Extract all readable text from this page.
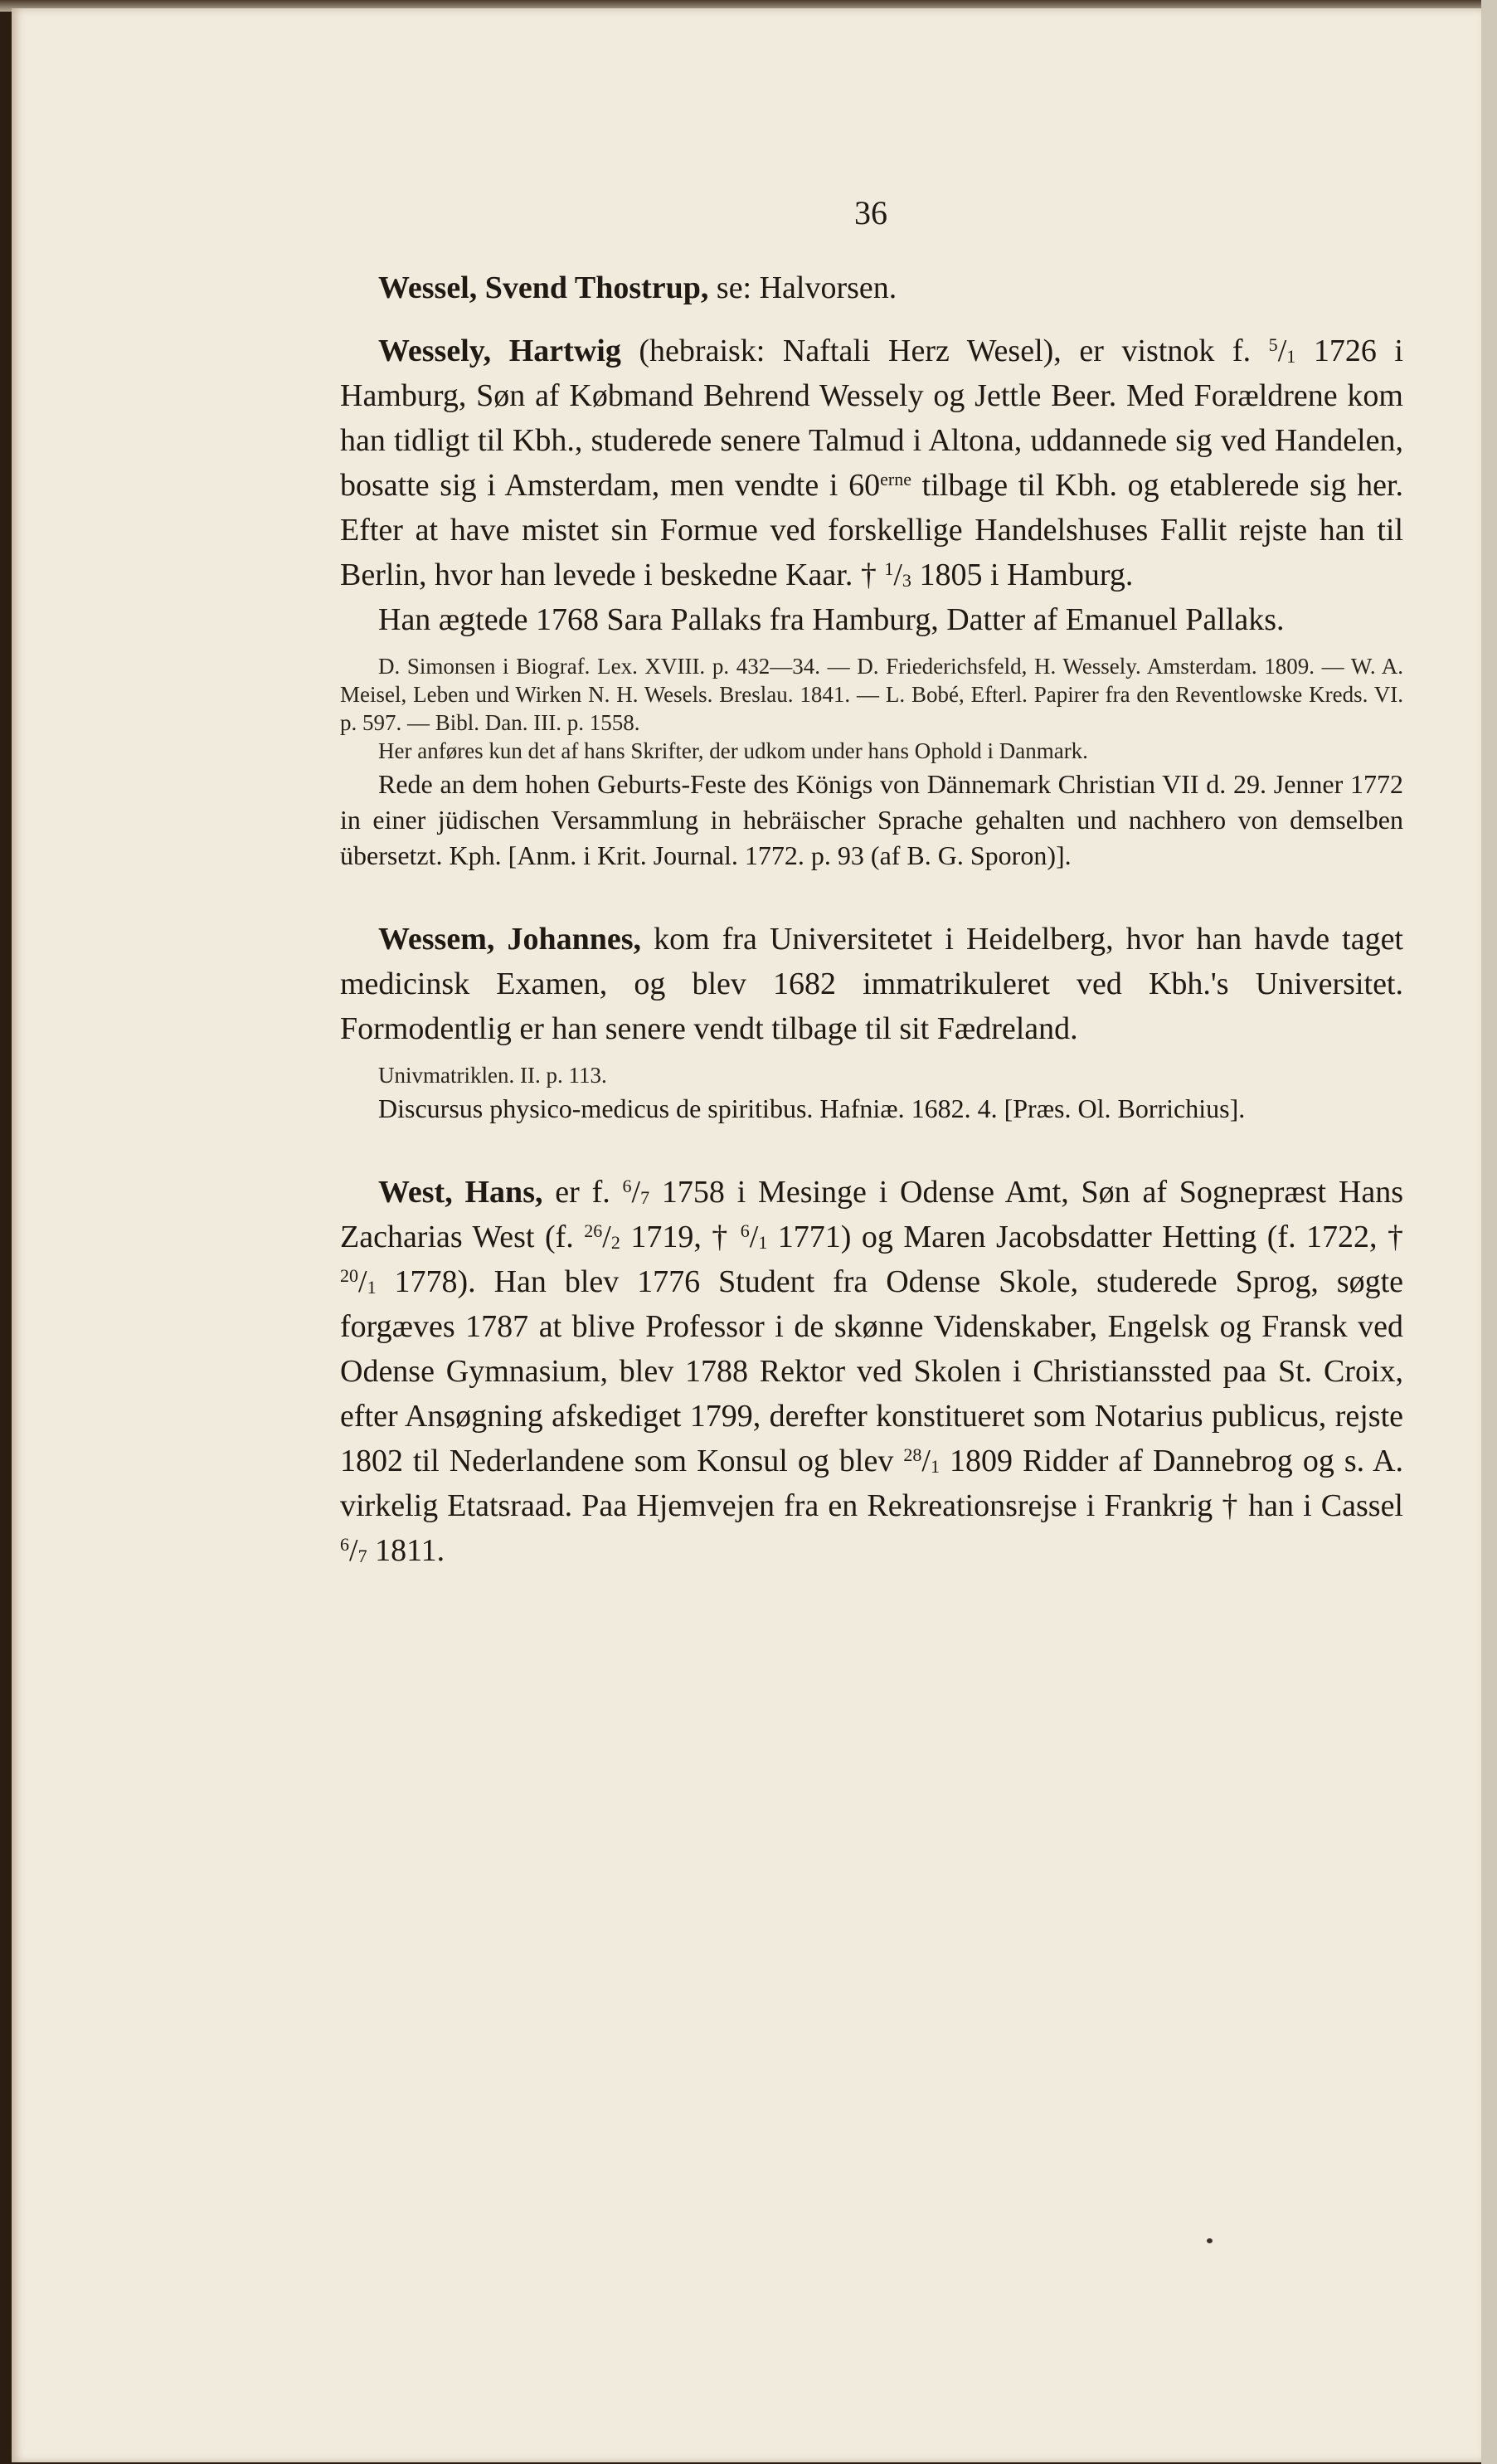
36

Wessel, Svend Thostrup, se: Halvorsen.

Wessely, Hartwig (hebraisk: Naftali Herz Wesel), er vistnok f. $^5/_1$ 1726 i Hamburg, Søn af Købmand Behrend Wessely og Jettle Beer. Med Forældrene kom han tidligt til Kbh., studerede senere Talmud i Altona, uddannede sig ved Handelen, bosatte sig i Amsterdam, men vendte i $60^{erne}$ tilbage til Kbh. og etablerede sig her. Efter at have mistet sin Formue ved forskellige Handelshuses Fallit rejste han til Berlin, hvor han levede i beskedne Kaar. † $^1/_3$ 1805 i Hamburg.

Han ægtede 1768 Sara Pallaks fra Hamburg, Datter af Emanuel Pallaks.

D. Simonsen i Biograf. Lex. XVIII. p. 432—34. — D. Friederichsfeld, H. Wessely. Amsterdam. 1809. — W. A. Meisel, Leben und Wirken N. H. Wesels. Breslau. 1841. — L. Bobé, Efterl. Papirer fra den Reventlowske Kreds. VI. p. 597. — Bibl. Dan. III. p. 1558.

Her anføres kun det af hans Skrifter, der udkom under hans Ophold i Danmark.

Rede an dem hohen Geburts-Feste des Königs von Dännemark Christian VII d. 29. Jenner 1772 in einer jüdischen Versammlung in hebräischer Sprache gehalten und nachhero von demselben übersetzt. Kph. [Anm. i Krit. Journal. 1772. p. 93 (af B. G. Sporon)].

Wessem, Johannes, kom fra Universitetet i Heidelberg, hvor han havde taget medicinsk Examen, og blev 1682 immatrikuleret ved Kbh.'s Universitet. Formodentlig er han senere vendt tilbage til sit Fædreland.

Univmatriklen. II. p. 113.

Discursus physico-medicus de spiritibus. Hafniæ. 1682. 4. [Præs. Ol. Borrichius].

West, Hans, er f. $^6/_7$ 1758 i Mesinge i Odense Amt, Søn af Sognepræst Hans Zacharias West (f. $^{26}/_2$ 1719, † $^6/_1$ 1771) og Maren Jacobsdatter Hetting (f. 1722, † $^{20}/_1$ 1778). Han blev 1776 Student fra Odense Skole, studerede Sprog, søgte forgæves 1787 at blive Professor i de skønne Videnskaber, Engelsk og Fransk ved Odense Gymnasium, blev 1788 Rektor ved Skolen i Christianssted paa St. Croix, efter Ansøgning afskediget 1799, derefter konstitueret som Notarius publicus, rejste 1802 til Nederlandene som Konsul og blev $^{28}/_1$ 1809 Ridder af Dannebrog og s. A. virkelig Etatsraad. Paa Hjemvejen fra en Rekreationsrejse i Frankrig † han i Cassel $^6/_7$ 1811.
